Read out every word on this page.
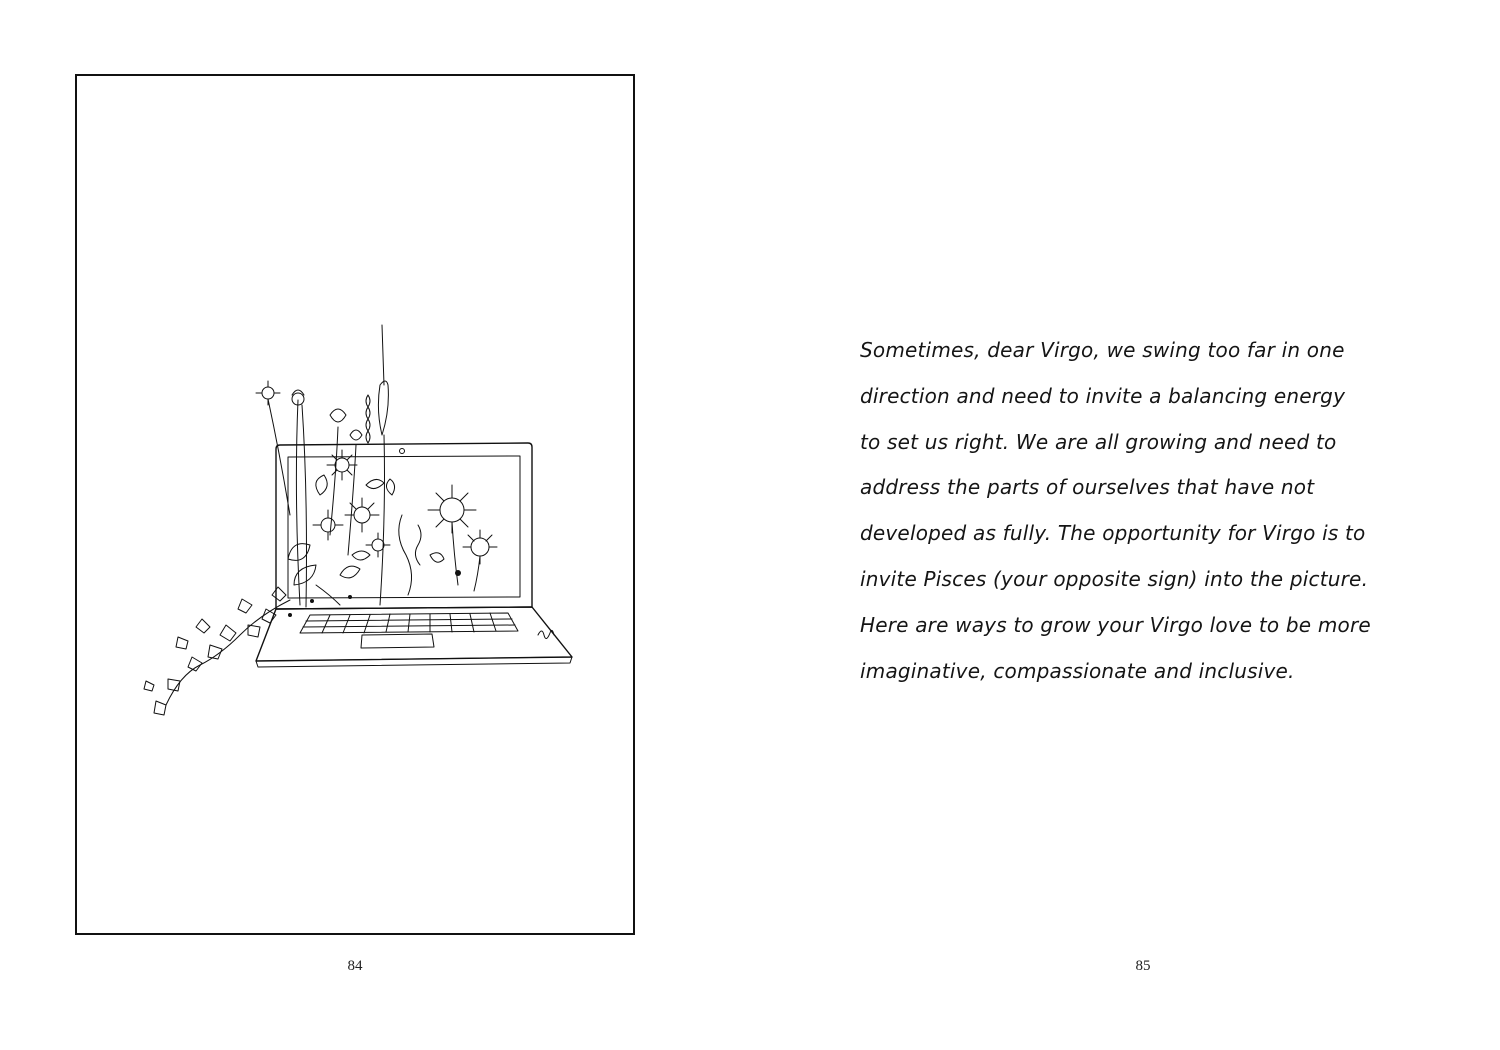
84

Sometimes, dear Virgo, we swing too far in one
direction and need to invite a balancing energy
to set us right. We are all growing and need to
address the parts of ourselves that have not
developed as fully. The opportunity for Virgo is to
invite Pisces (your opposite sign) into the picture.
Here are ways to grow your Virgo love to be more
imaginative, compassionate and inclusive.

85
